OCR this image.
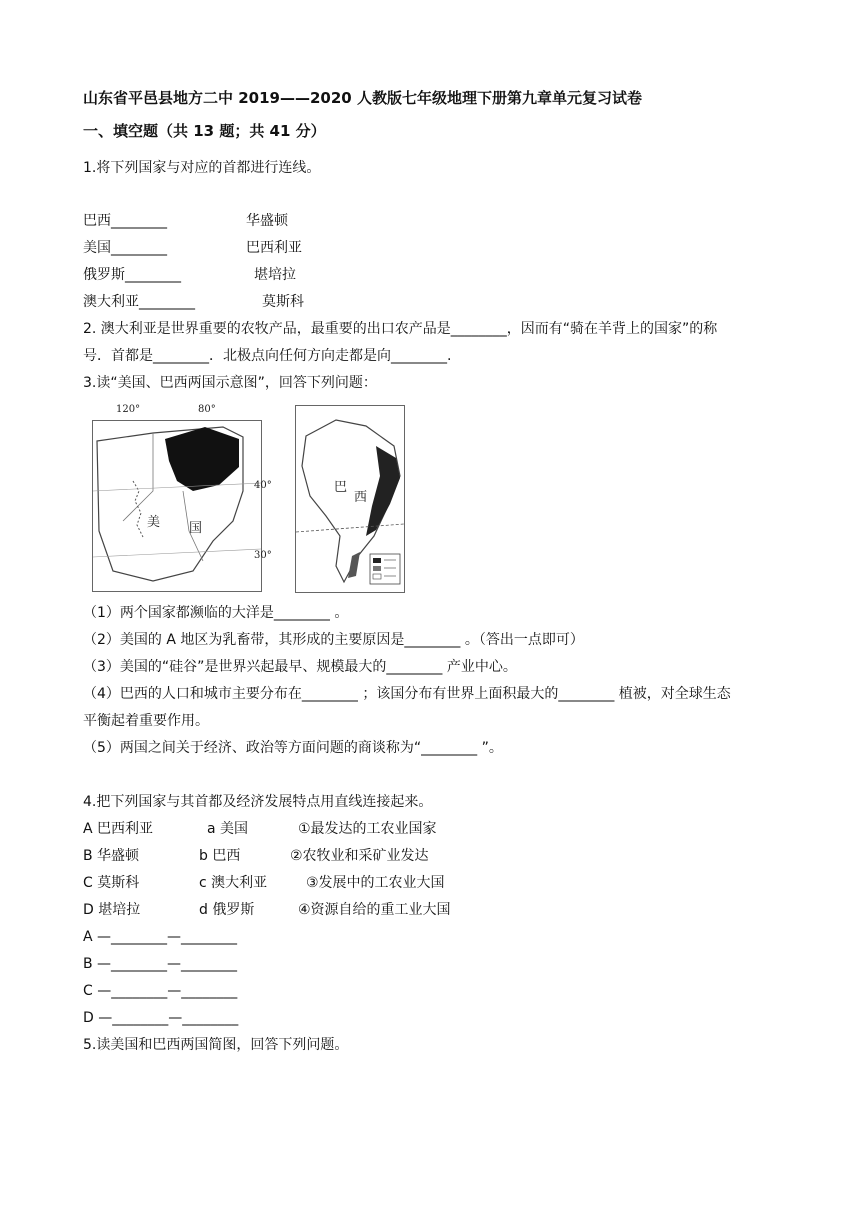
山东省平邑县地方二中 2019——2020 人教版七年级地理下册第九章单元复习试卷
一、填空题（共 13 题；共 41 分）
1.将下列国家与对应的首都进行连线。
巴西________	华盛顿
美国________	巴西利亚
俄罗斯________	堪培拉
澳大利亚________	莫斯科
2. 澳大利亚是世界重要的农牧产品，最重要的出口农产品是________，因而有“骑在羊背上的国家”的称
号．首都是________．北极点向任何方向走都是向________.
3.读“美国、巴西两国示意图”，回答下列问题：
美 国
120°	80°
40°
30°
巴
西
（1）两个国家都濒临的大洋是________ 。
（2）美国的 A 地区为乳畜带，其形成的主要原因是________ 。（答出一点即可）
（3）美国的“硅谷”是世界兴起最早、规模最大的________ 产业中心。
（4）巴西的人口和城市主要分布在________ ；该国分布有世界上面积最大的________ 植被，对全球生态
平衡起着重要作用。
（5）两国之间关于经济、政治等方面问题的商谈称为“________ ”。
4.把下列国家与其首都及经济发展特点用直线连接起来。
A 巴西利亚	a 美国	①最发达的工农业国家
B 华盛顿	b 巴西	②农牧业和采矿业发达
C 莫斯科	c 澳大利亚	③发展中的工农业大国
D 堪培拉	d 俄罗斯	④资源自给的重工业大国
A —________—________
B —________—________
C —________—________
D —________—________
5.读美国和巴西两国简图，回答下列问题。
